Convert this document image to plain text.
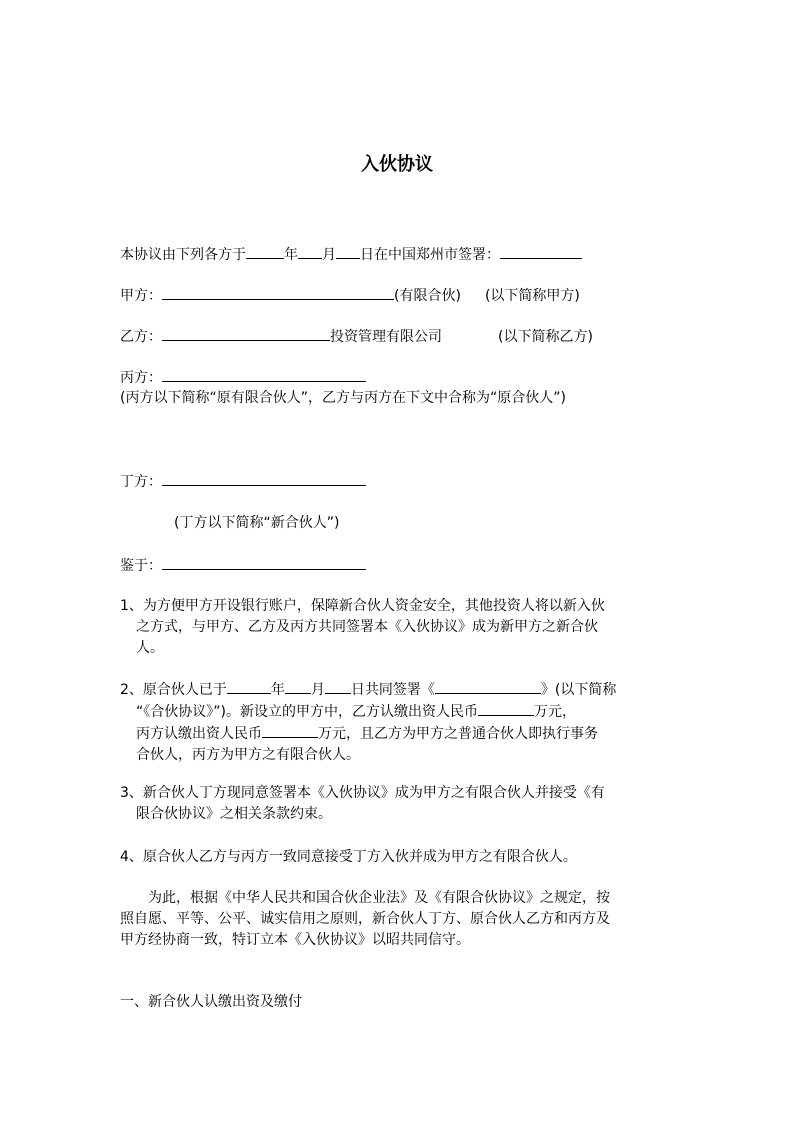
入伙协议
本协议由下列各方于	年 月 日在中国郑州市签署：
甲方：	(有限合伙) (以下简称甲方)
乙方：	投资管理有限公司	(以下简称乙方)
丙方：
(丙方以下简称“原有限合伙人”，乙方与丙方在下文中合称为“原合伙人”)
丁方：
(丁方以下简称“新合伙人”)
鉴于：
1、为方便甲方开设银行账户，保障新合伙人资金安全，其他投资人将以新入伙
之方式，与甲方、乙方及丙方共同签署本《入伙协议》成为新甲方之新合伙
人。
2、原合伙人已于	年 月 日共同签署《	》(以下简称
“《合伙协议》”)。新设立的甲方中，乙方认缴出资人民币	万元，
丙方认缴出资人民币	万元，且乙方为甲方之普通合伙人即执行事务
合伙人，丙方为甲方之有限合伙人。
3、新合伙人丁方现同意签署本《入伙协议》成为甲方之有限合伙人并接受《有
限合伙协议》之相关条款约束。
4、原合伙人乙方与丙方一致同意接受丁方入伙并成为甲方之有限合伙人。
为此，根据《中华人民共和国合伙企业法》及《有限合伙协议》之规定，按
照自愿、平等、公平、诚实信用之原则，新合伙人丁方、原合伙人乙方和丙方及
甲方经协商一致，特订立本《入伙协议》以昭共同信守。
一、新合伙人认缴出资及缴付
